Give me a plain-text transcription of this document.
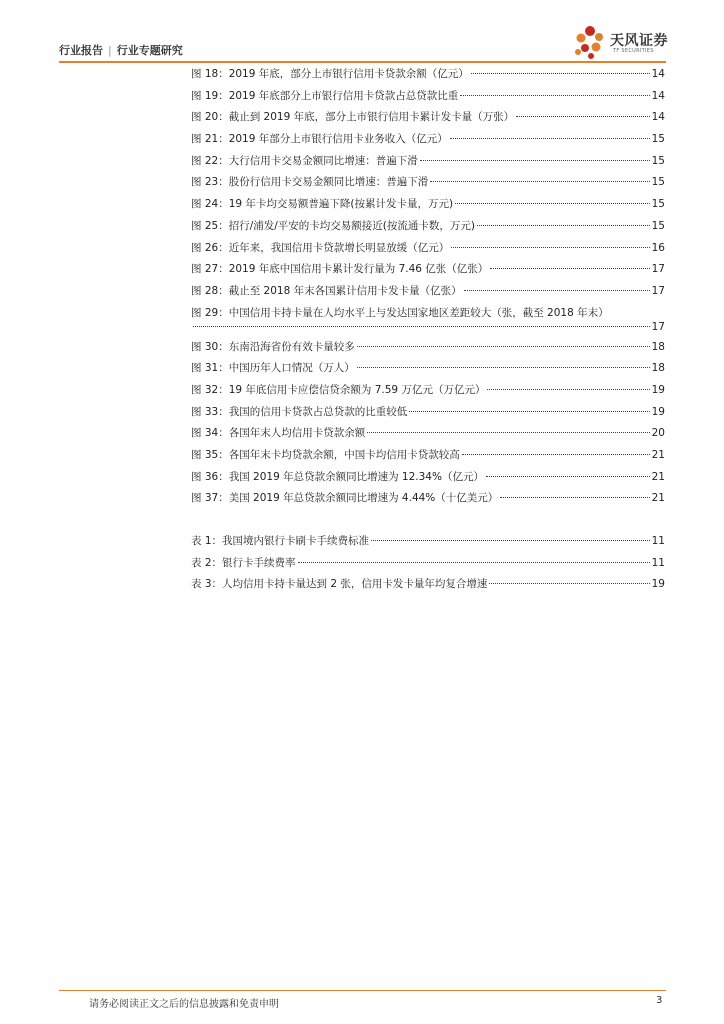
行业报告 | 行业专题研究
天风证券
TF SECURITIES
图 18：2019 年底，部分上市银行信用卡贷款余额（亿元）	14
图 19：2019 年底部分上市银行信用卡贷款占总贷款比重	14
图 20：截止到 2019 年底，部分上市银行信用卡累计发卡量（万张）	14
图 21：2019 年部分上市银行信用卡业务收入（亿元）	15
图 22：大行信用卡交易金额同比增速：普遍下滑	15
图 23：股份行信用卡交易金额同比增速：普遍下滑	15
图 24：19 年卡均交易额普遍下降(按累计发卡量，万元)	15
图 25：招行/浦发/平安的卡均交易额接近(按流通卡数，万元)	15
图 26：近年来，我国信用卡贷款增长明显放缓（亿元）	16
图 27：2019 年底中国信用卡累计发行量为 7.46 亿张（亿张）	17
图 28：截止至 2018 年末各国累计信用卡发卡量（亿张）	17
图 29：中国信用卡持卡量在人均水平上与发达国家地区差距较大（张，截至 2018 年末）
17
图 30：东南沿海省份有效卡量较多	18
图 31：中国历年人口情况（万人）	18
图 32：19 年底信用卡应偿信贷余额为 7.59 万亿元（万亿元）	19
图 33：我国的信用卡贷款占总贷款的比重较低	19
图 34：各国年末人均信用卡贷款余额	20
图 35：各国年末卡均贷款余额，中国卡均信用卡贷款较高	21
图 36：我国 2019 年总贷款余额同比增速为 12.34%（亿元）	21
图 37：美国 2019 年总贷款余额同比增速为 4.44%（十亿美元）	21
表 1：我国境内银行卡刷卡手续费标准	11
表 2：银行卡手续费率	11
表 3：人均信用卡持卡量达到 2 张，信用卡发卡量年均复合增速	19
请务必阅读正文之后的信息披露和免责申明	3
